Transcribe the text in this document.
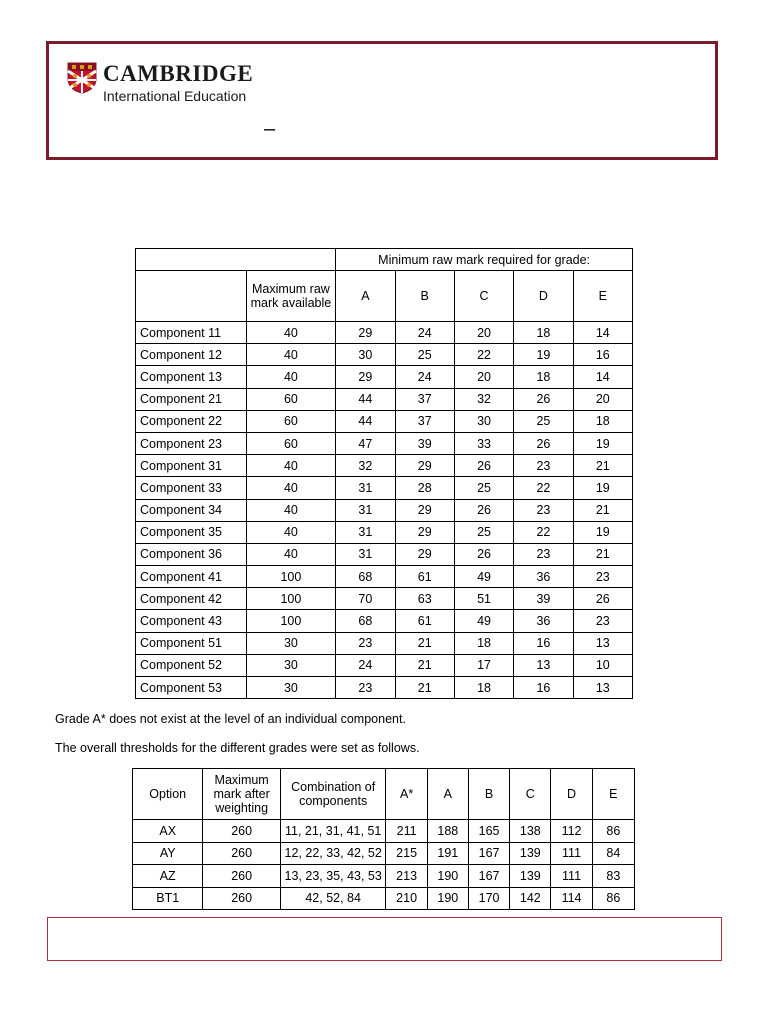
CAMBRIDGE
International Education
–
		Minimum raw mark required for grade:				
	Maximum raw mark available	A	B	C	D	E
Component 11	40	29	24	20	18	14
Component 12	40	30	25	22	19	16
Component 13	40	29	24	20	18	14
Component 21	60	44	37	32	26	20
Component 22	60	44	37	30	25	18
Component 23	60	47	39	33	26	19
Component 31	40	32	29	26	23	21
Component 33	40	31	28	25	22	19
Component 34	40	31	29	26	23	21
Component 35	40	31	29	25	22	19
Component 36	40	31	29	26	23	21
Component 41	100	68	61	49	36	23
Component 42	100	70	63	51	39	26
Component 43	100	68	61	49	36	23
Component 51	30	23	21	18	16	13
Component 52	30	24	21	17	13	10
Component 53	30	23	21	18	16	13
Grade A* does not exist at the level of an individual component.
The overall thresholds for the different grades were set as follows.
Option	Maximum mark after weighting	Combination of components	A*	A	B	C	D	E
AX	260	11, 21, 31, 41, 51	211	188	165	138	112	86
AY	260	12, 22, 33, 42, 52	215	191	167	139	111	84
AZ	260	13, 23, 35, 43, 53	213	190	167	139	111	83
BT1	260	42, 52, 84	210	190	170	142	114	86
